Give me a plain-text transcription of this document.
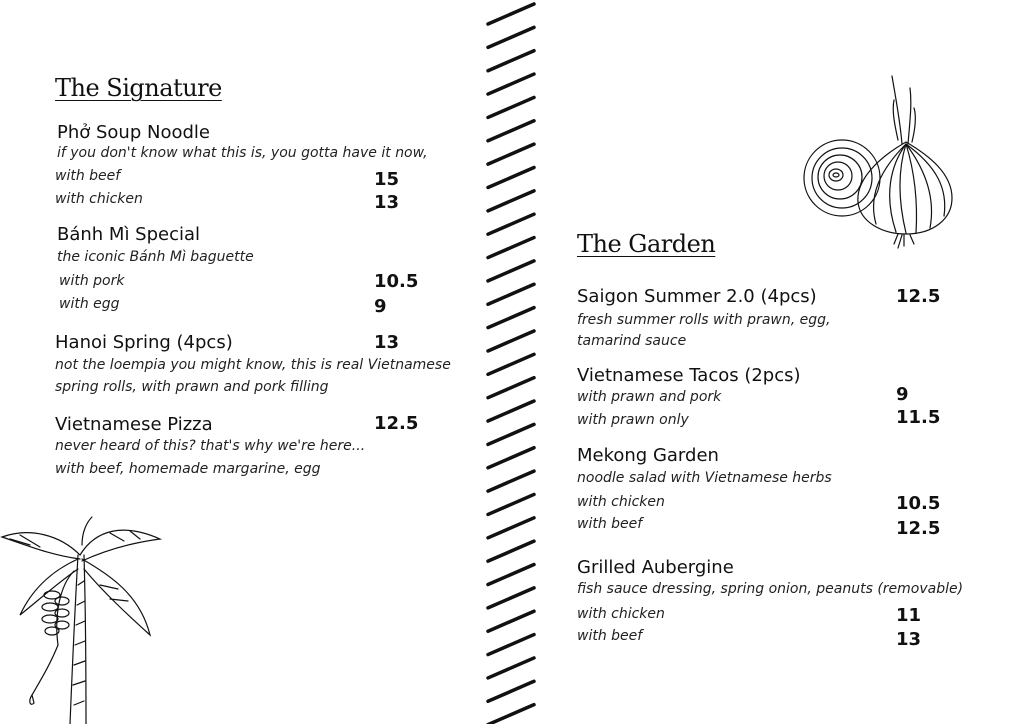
The Signature
Phở Soup Noodle
if you don't know what this is, you gotta have it now,
with beef	15
with chicken	13
Bánh Mì Special
the iconic Bánh Mì baguette
with pork	10.5
with egg	9
Hanoi Spring (4pcs)	13
not the loempia you might know, this is real Vietnamese
spring rolls, with prawn and pork filling
Vietnamese Pizza	12.5
never heard of this? that's why we're here...
with beef, homemade margarine, egg
The Garden
Saigon Summer 2.0 (4pcs)	12.5
fresh summer rolls with prawn, egg,
tamarind sauce
Vietnamese Tacos (2pcs)
with prawn and pork	9
with prawn only	11.5
Mekong Garden
noodle salad with Vietnamese herbs
with chicken	10.5
with beef	12.5
Grilled Aubergine
fish sauce dressing, spring onion, peanuts (removable)
with chicken	11
with beef	13
